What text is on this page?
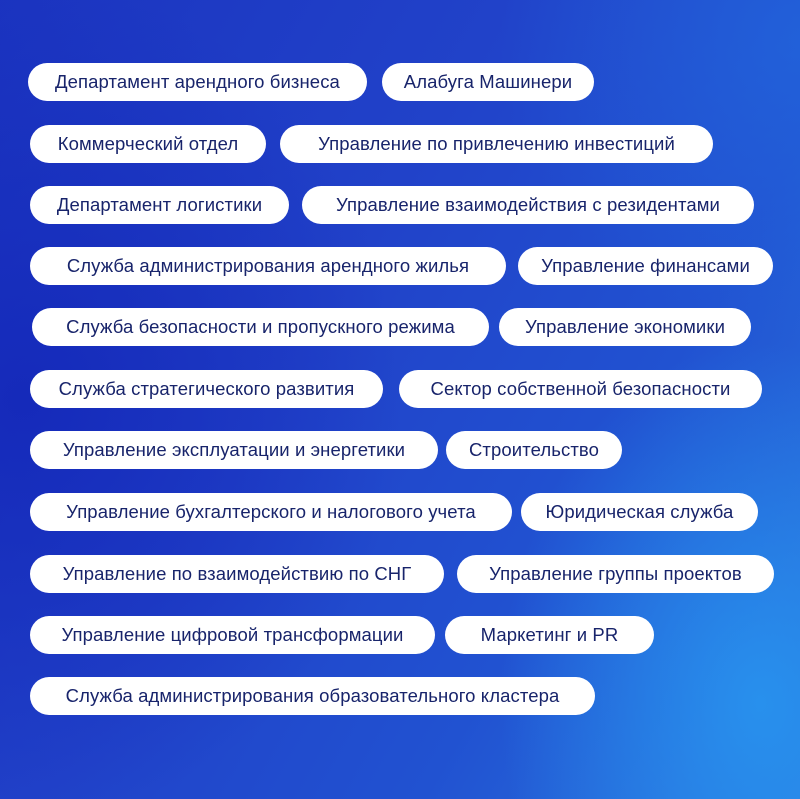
Департамент арендного бизнеса	Алабуга Машинери
Коммерческий отдел	Управление по привлечению инвестиций
Департамент логистики	Управление взаимодействия с резидентами
Служба администрирования арендного жилья	Управление финансами
Служба безопасности и пропускного режима	Управление экономики
Служба стратегического развития	Сектор собственной безопасности
Управление эксплуатации и энергетики	Строительство
Управление бухгалтерского и налогового учета	Юридическая служба
Управление по взаимодействию по СНГ	Управление группы проектов
Управление цифровой трансформации	Маркетинг и PR
Служба администрирования образовательного кластера
